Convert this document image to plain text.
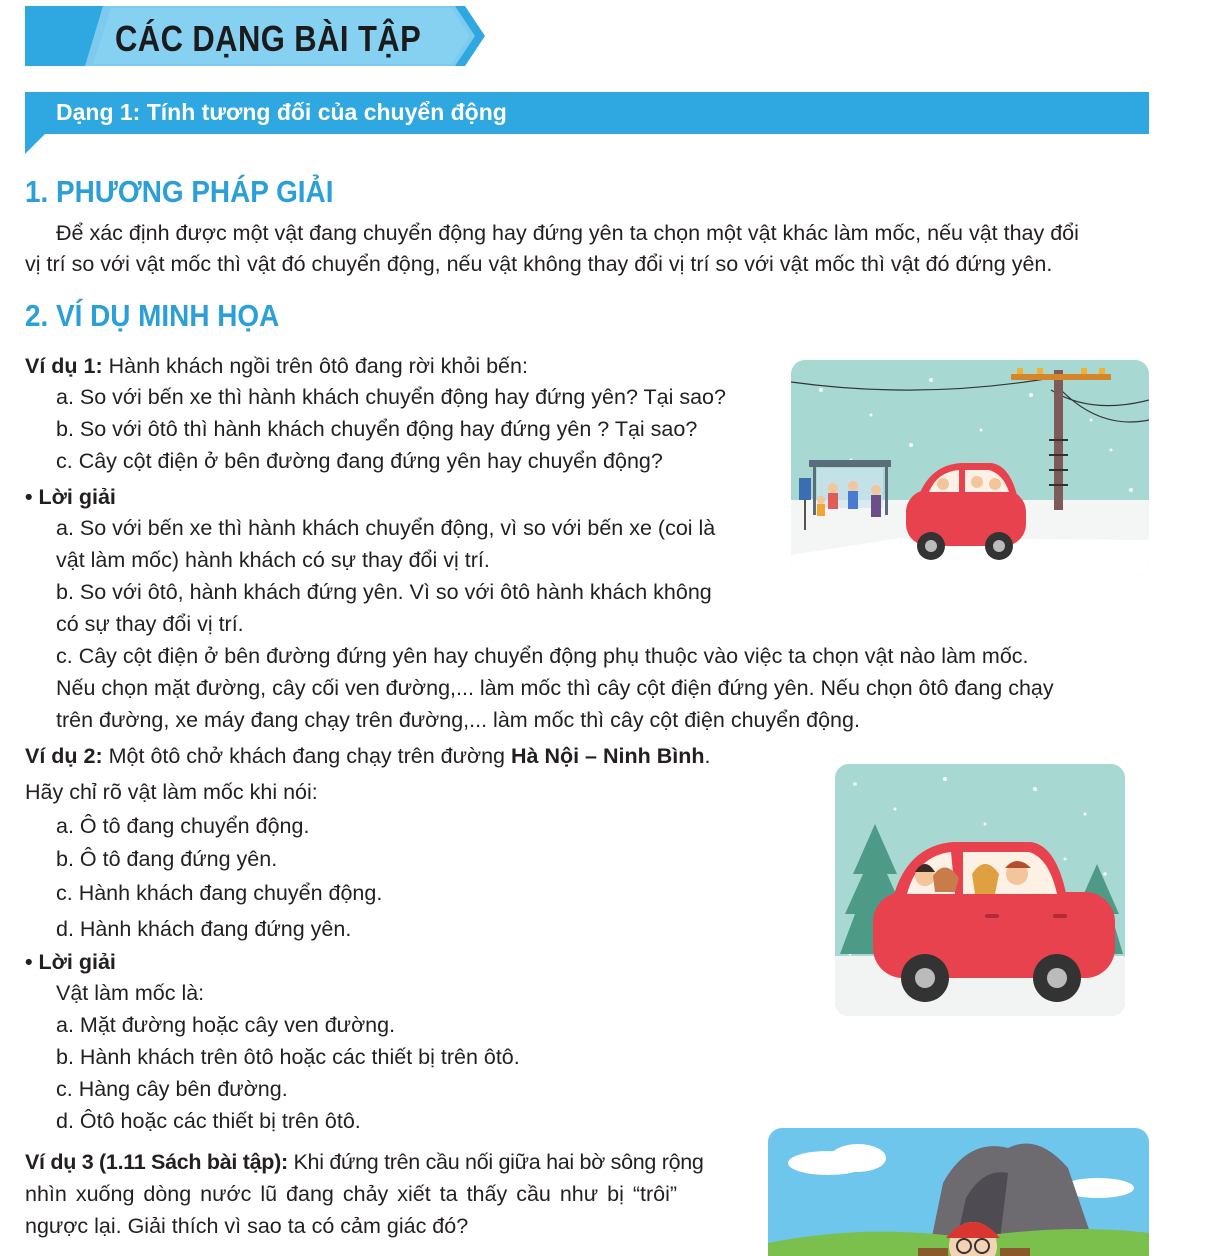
CÁC DẠNG BÀI TẬP
Dạng 1: Tính tương đối của chuyển động
1. PHƯƠNG PHÁP GIẢI
Để xác định được một vật đang chuyển động hay đứng yên ta chọn một vật khác làm mốc, nếu vật thay đổi
vị trí so với vật mốc thì vật đó chuyển động, nếu vật không thay đổi vị trí so với vật mốc thì vật đó đứng yên.
2. VÍ DỤ MINH HỌA
Ví dụ 1: Hành khách ngồi trên ôtô đang rời khỏi bến:
a. So với bến xe thì hành khách chuyển động hay đứng yên? Tại sao?
b. So với ôtô thì hành khách chuyển động hay đứng yên ? Tại sao?
c. Cây cột điện ở bên đường đang đứng yên hay chuyển động?
• Lời giải
a. So với bến xe thì hành khách chuyển động, vì so với bến xe (coi là
vật làm mốc) hành khách có sự thay đổi vị trí.
b. So với ôtô, hành khách đứng yên. Vì so với ôtô hành khách không
có sự thay đổi vị trí.
c. Cây cột điện ở bên đường đứng yên hay chuyển động phụ thuộc vào việc ta chọn vật nào làm mốc.
Nếu chọn mặt đường, cây cối ven đường,... làm mốc thì cây cột điện đứng yên. Nếu chọn ôtô đang chạy
trên đường, xe máy đang chạy trên đường,... làm mốc thì cây cột điện chuyển động.
Ví dụ 2: Một ôtô chở khách đang chạy trên đường Hà Nội – Ninh Bình.
Hãy chỉ rõ vật làm mốc khi nói:
a. Ô tô đang chuyển động.
b. Ô tô đang đứng yên.
c. Hành khách đang chuyển động.
d. Hành khách đang đứng yên.
• Lời giải
Vật làm mốc là:
a. Mặt đường hoặc cây ven đường.
b. Hành khách trên ôtô hoặc các thiết bị trên ôtô.
c. Hàng cây bên đường.
d. Ôtô hoặc các thiết bị trên ôtô.
Ví dụ 3 (1.11 Sách bài tập): Khi đứng trên cầu nối giữa hai bờ sông rộng
nhìn xuống dòng nước lũ đang chảy xiết ta thấy cầu như bị “trôi”
ngược lại. Giải thích vì sao ta có cảm giác đó?
